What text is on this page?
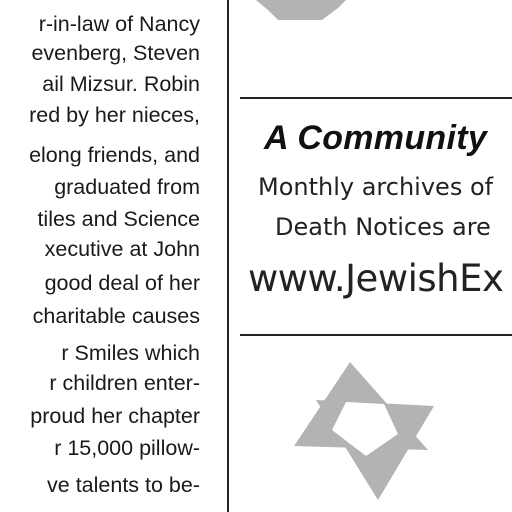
r-in-law of Nancy
evenberg, Steven
ail Mizsur. Robin
red by her nieces,
elong friends, and
graduated from
tiles and Science
xecutive at John
good deal of her
charitable causes
r Smiles which
r children enter-
proud her chapter
r 15,000 pillow-
ve talents to be-

A Community
Monthly archives of
Death Notices are
www.JewishEx
